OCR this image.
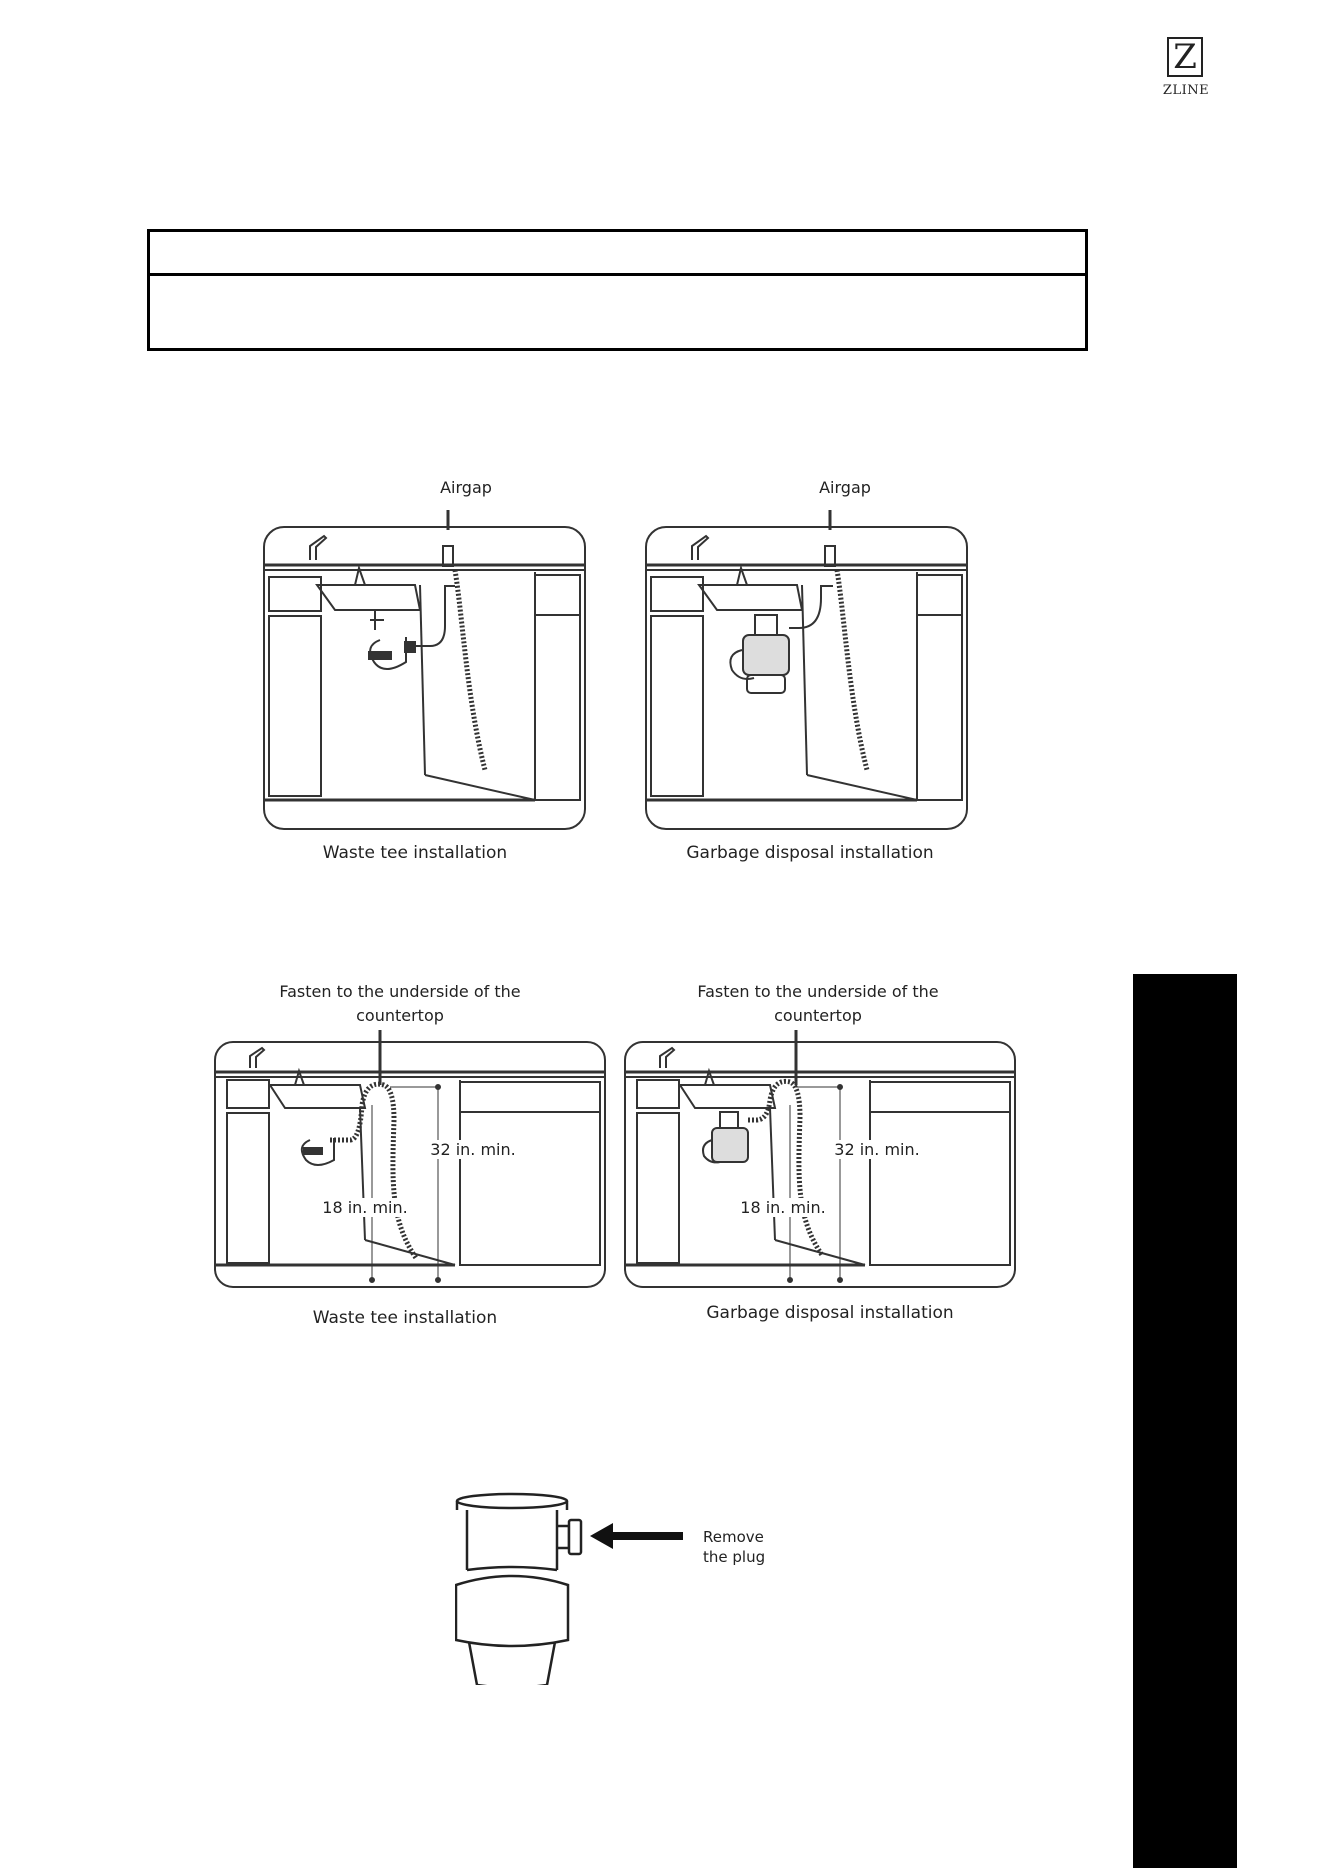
Z
ZLINE
Airgap
Waste tee installation
Airgap
Garbage disposal installation
Fasten to the underside of the countertop
32 in. min.
18 in. min.
Waste tee installation
Fasten to the underside of the countertop
32 in. min.
18 in. min.
Garbage disposal installation
Remove
the plug
